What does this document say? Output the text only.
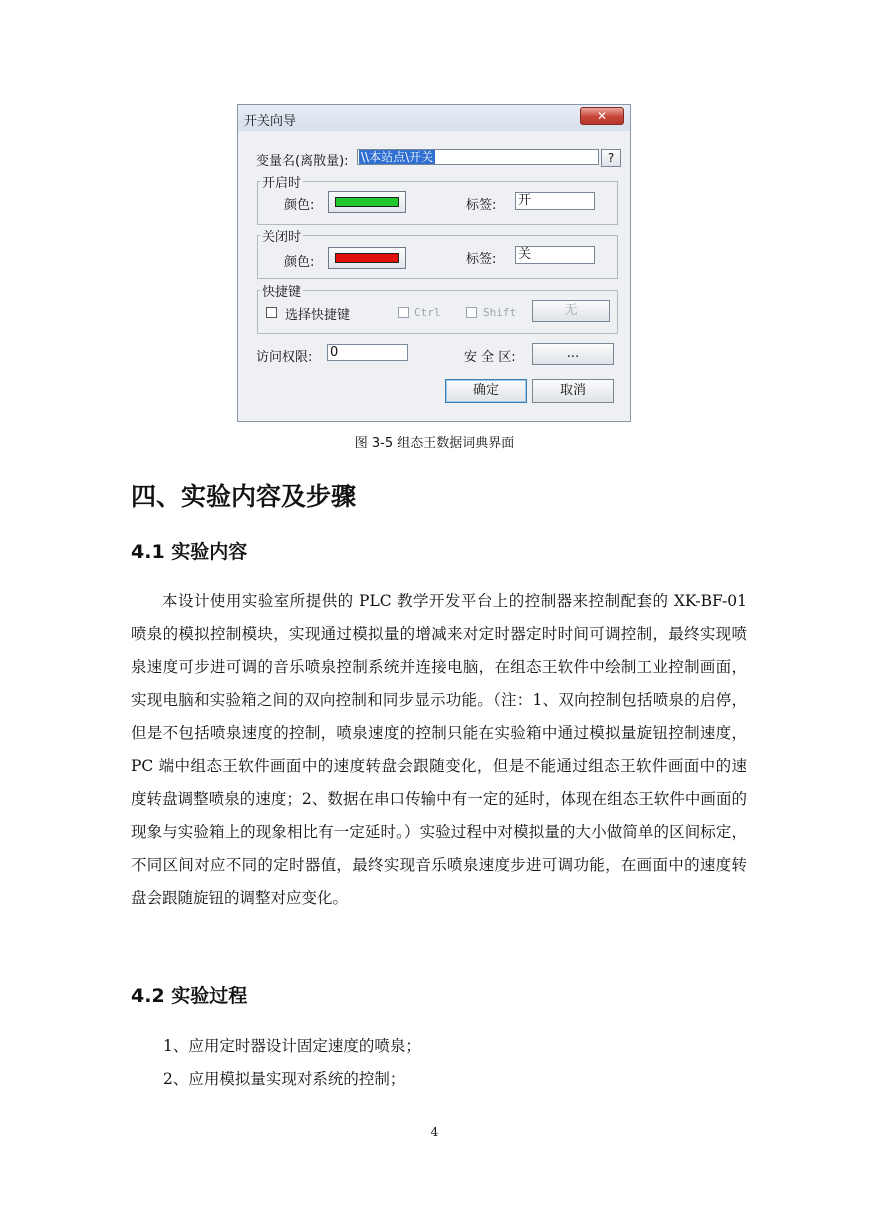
开关向导
✕
变量名(离散量): \\本站点\开关	?
开启时
颜色:	标签: 开
关闭时
颜色:	标签: 关
快捷键
选择快捷键	Ctrl	Shift	无
访问权限: 0	安 全 区:	...
确定	取消
图 3-5 组态王数据词典界面
四、实验内容及步骤
4.1 实验内容
本设计使用实验室所提供的 PLC 教学开发平台上的控制器来控制配套的 XK-BF-01 喷泉的模拟控制模块，实现通过模拟量的增减来对定时器定时时间可调控制，最终实现喷泉速度可步进可调的音乐喷泉控制系统并连接电脑，在组态王软件中绘制工业控制画面，实现电脑和实验箱之间的双向控制和同步显示功能。（注：1、双向控制包括喷泉的启停，但是不包括喷泉速度的控制，喷泉速度的控制只能在实验箱中通过模拟量旋钮控制速度，PC 端中组态王软件画面中的速度转盘会跟随变化，但是不能通过组态王软件画面中的速度转盘调整喷泉的速度；2、数据在串口传输中有一定的延时，体现在组态王软件中画面的现象与实验箱上的现象相比有一定延时。）实验过程中对模拟量的大小做简单的区间标定，不同区间对应不同的定时器值，最终实现音乐喷泉速度步进可调功能，在画面中的速度转盘会跟随旋钮的调整对应变化。
4.2 实验过程
1、应用定时器设计固定速度的喷泉；
2、应用模拟量实现对系统的控制；
4
